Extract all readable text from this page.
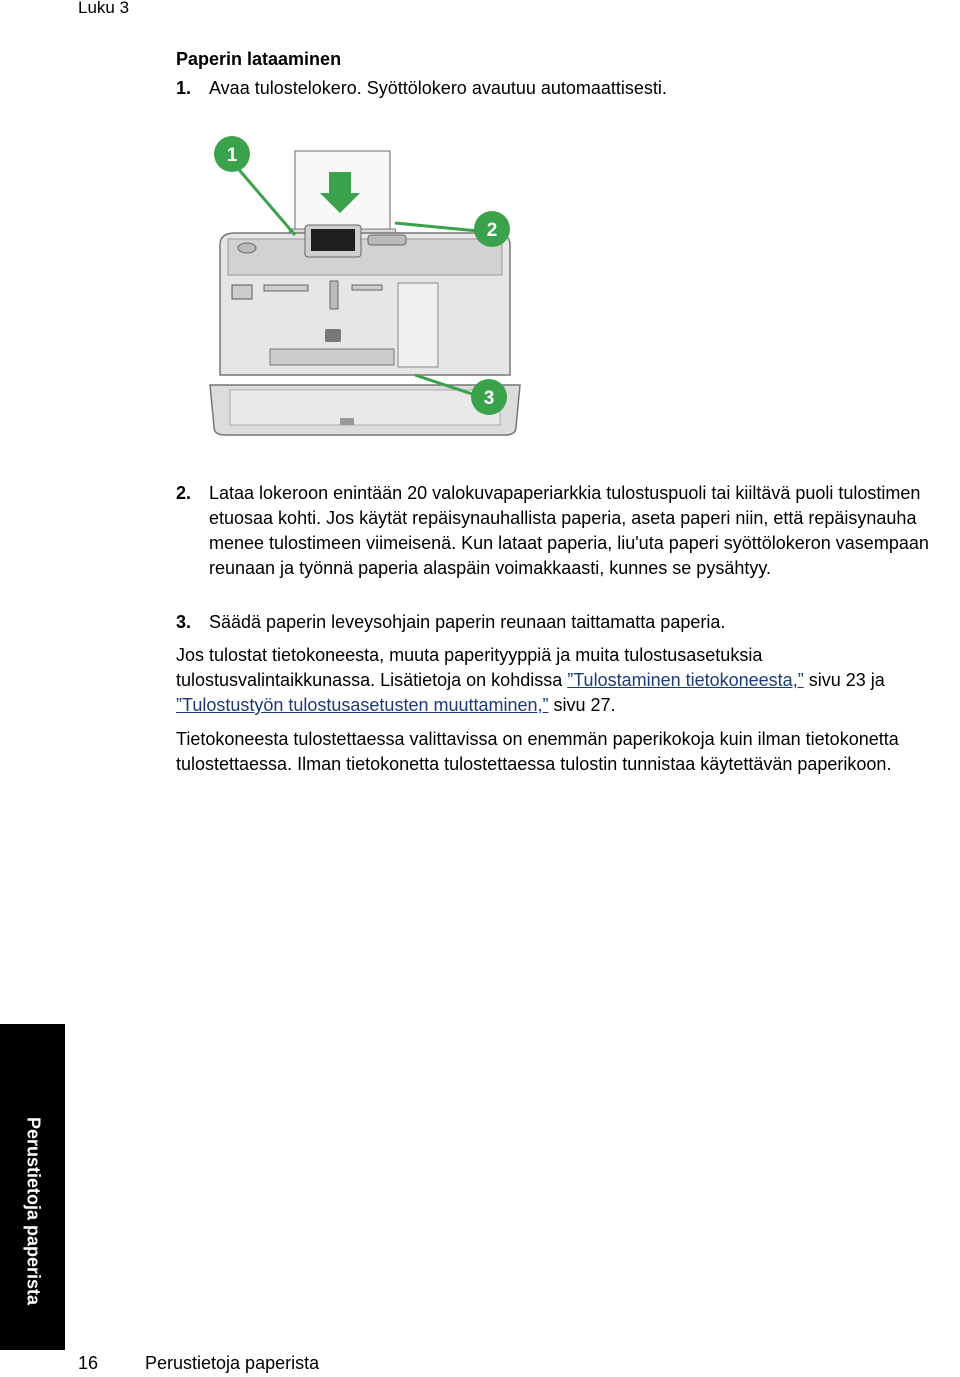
Luku 3
Paperin lataaminen
1. Avaa tulostelokero. Syöttölokero avautuu automaattisesti.
1
2
3
2. Lataa lokeroon enintään 20 valokuvapaperiarkkia tulostuspuoli tai kiiltävä puoli tulostimen etuosaa kohti. Jos käytät repäisynauhallista paperia, aseta paperi niin, että repäisynauha menee tulostimeen viimeisenä. Kun lataat paperia, liu'uta paperi syöttölokeron vasempaan reunaan ja työnnä paperia alaspäin voimakkaasti, kunnes se pysähtyy.
3. Säädä paperin leveysohjain paperin reunaan taittamatta paperia.
Jos tulostat tietokoneesta, muuta paperityyppiä ja muita tulostusasetuksia tulostusvalintaikkunassa. Lisätietoja on kohdissa ”Tulostaminen tietokoneesta,” sivu 23 ja ”Tulostustyön tulostusasetusten muuttaminen,” sivu 27.
Tietokoneesta tulostettaessa valittavissa on enemmän paperikokoja kuin ilman tietokonetta tulostettaessa. Ilman tietokonetta tulostettaessa tulostin tunnistaa käytettävän paperikoon.
Perustietoja paperista
16	Perustietoja paperista
